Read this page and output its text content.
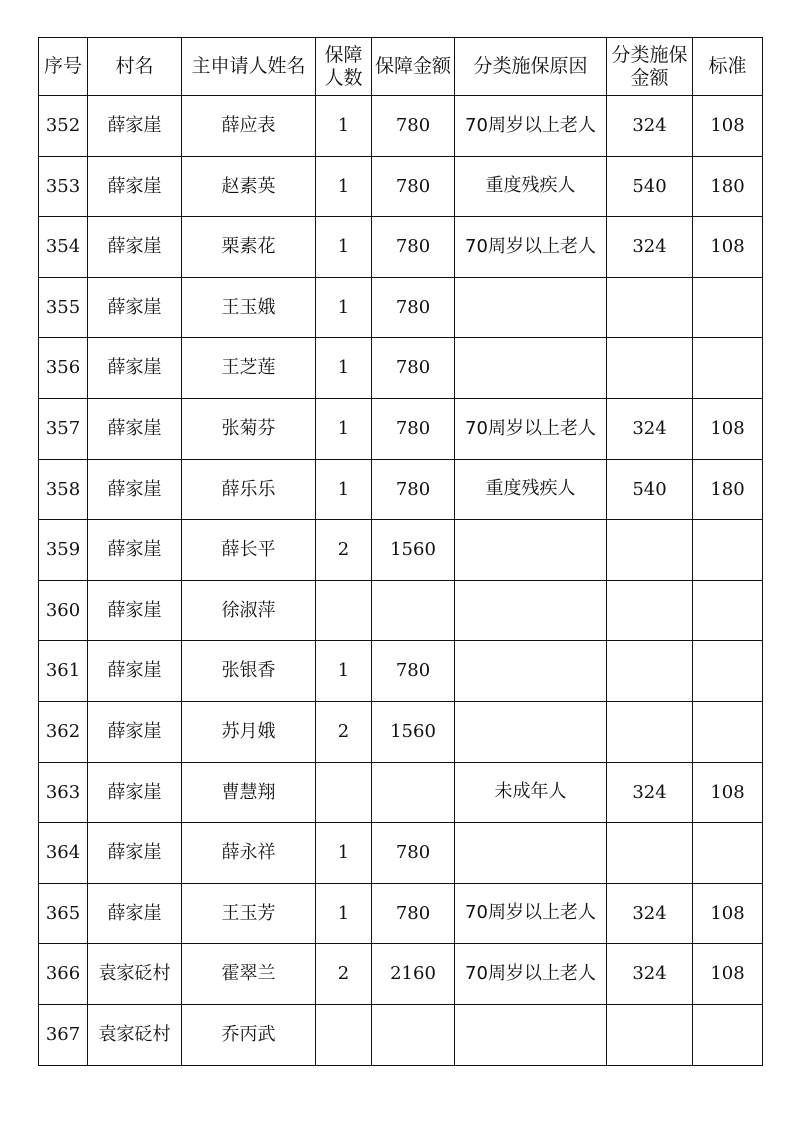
序号	村名	主申请人姓名	保障人数	保障金额	分类施保原因	分类施保金额	标准
352	薛家崖	薛应表	1	780	70周岁以上老人	324	108
353	薛家崖	赵素英	1	780	重度残疾人	540	180
354	薛家崖	栗素花	1	780	70周岁以上老人	324	108
355	薛家崖	王玉娥	1	780			
356	薛家崖	王芝莲	1	780			
357	薛家崖	张菊芬	1	780	70周岁以上老人	324	108
358	薛家崖	薛乐乐	1	780	重度残疾人	540	180
359	薛家崖	薛长平	2	1560			
360	薛家崖	徐淑萍					
361	薛家崖	张银香	1	780			
362	薛家崖	苏月娥	2	1560			
363	薛家崖	曹慧翔			未成年人	324	108
364	薛家崖	薛永祥	1	780			
365	薛家崖	王玉芳	1	780	70周岁以上老人	324	108
366	袁家砭村	霍翠兰	2	2160	70周岁以上老人	324	108
367	袁家砭村	乔丙武					
